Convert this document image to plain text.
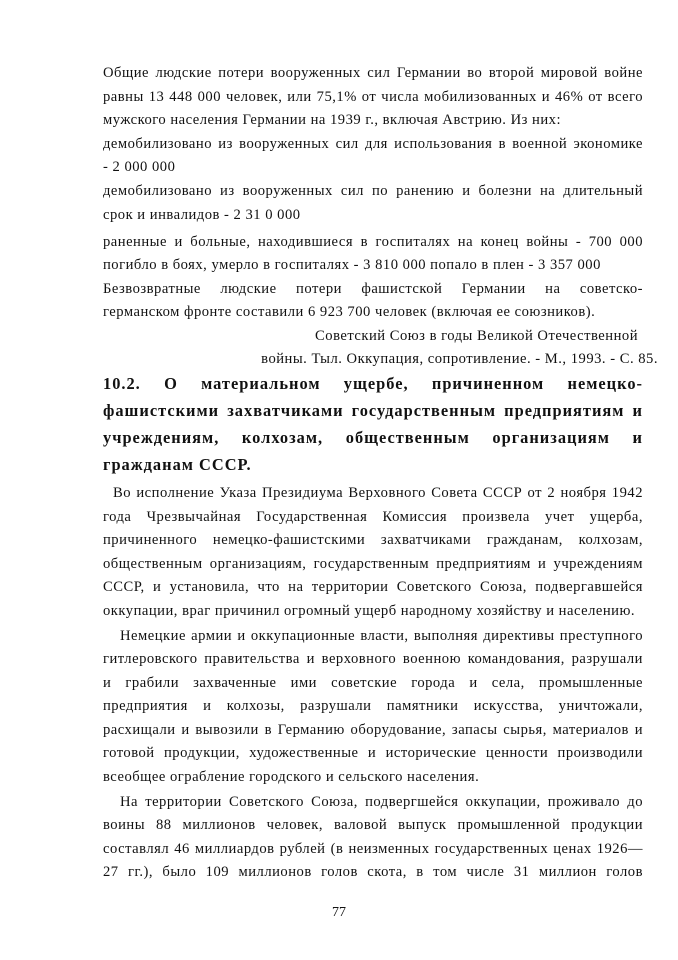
Общие людские потери вооруженных сил Германии во второй мировой войне
равны 13 448 000 человек, или 75,1% от числа мобилизованных и 46% от всего
мужского населения Германии на 1939 г., включая Австрию. Из них:
демобилизовано из вооруженных сил для использования в военной экономике
- 2 000 000
демобилизовано из вооруженных сил по ранению и болезни на длительный
срок и инвалидов - 2 31 0 000
раненные и больные, находившиеся в госпиталях на конец войны - 700 000
погибло в боях, умерло в госпиталях - 3 810 000 попало в плен - 3 357 000
Безвозвратные людские потери фашистской Германии на советско-
германском фронте составили 6 923 700 человек (включая ее союзников).
Советский Союз в годы Великой Отечественной
войны. Тыл. Оккупация, сопротивление. - М., 1993. - С. 85.
10.2. О материальном ущербе, причиненном немецко-
фашистскими захватчиками государственным предприятиям и
учреждениям, колхозам, общественным организациям и
гражданам СССР.
Во исполнение Указа Президиума Верховного Совета СССР от 2 ноября 1942
года Чрезвычайная Государственная Комиссия произвела учет ущерба,
причиненного немецко-фашистскими захватчиками гражданам, колхозам,
общественным организациям, государственным предприятиям и учреждениям
СССР, и установила, что на территории Советского Союза, подвергавшейся
оккупации, враг причинил огромный ущерб народному хозяйству и населению.
Немецкие армии и оккупационные власти, выполняя директивы преступного
гитлеровского правительства и верховного военною командования, разрушали
и грабили захваченные ими советские города и села, промышленные
предприятия и колхозы, разрушали памятники искусства, уничтожали,
расхищали и вывозили в Германию оборудование, запасы сырья, материалов и
готовой продукции, художественные и исторические ценности производили
всеобщее ограбление городского и сельского населения.
На территории Советского Союза, подвергшейся оккупации, проживало до
воины 88 миллионов человек, валовой выпуск промышленной продукции
составлял 46 миллиардов рублей (в неизменных государственных ценах 1926—
27 гг.), было 109 миллионов голов скота, в том числе 31 миллион голов
77
